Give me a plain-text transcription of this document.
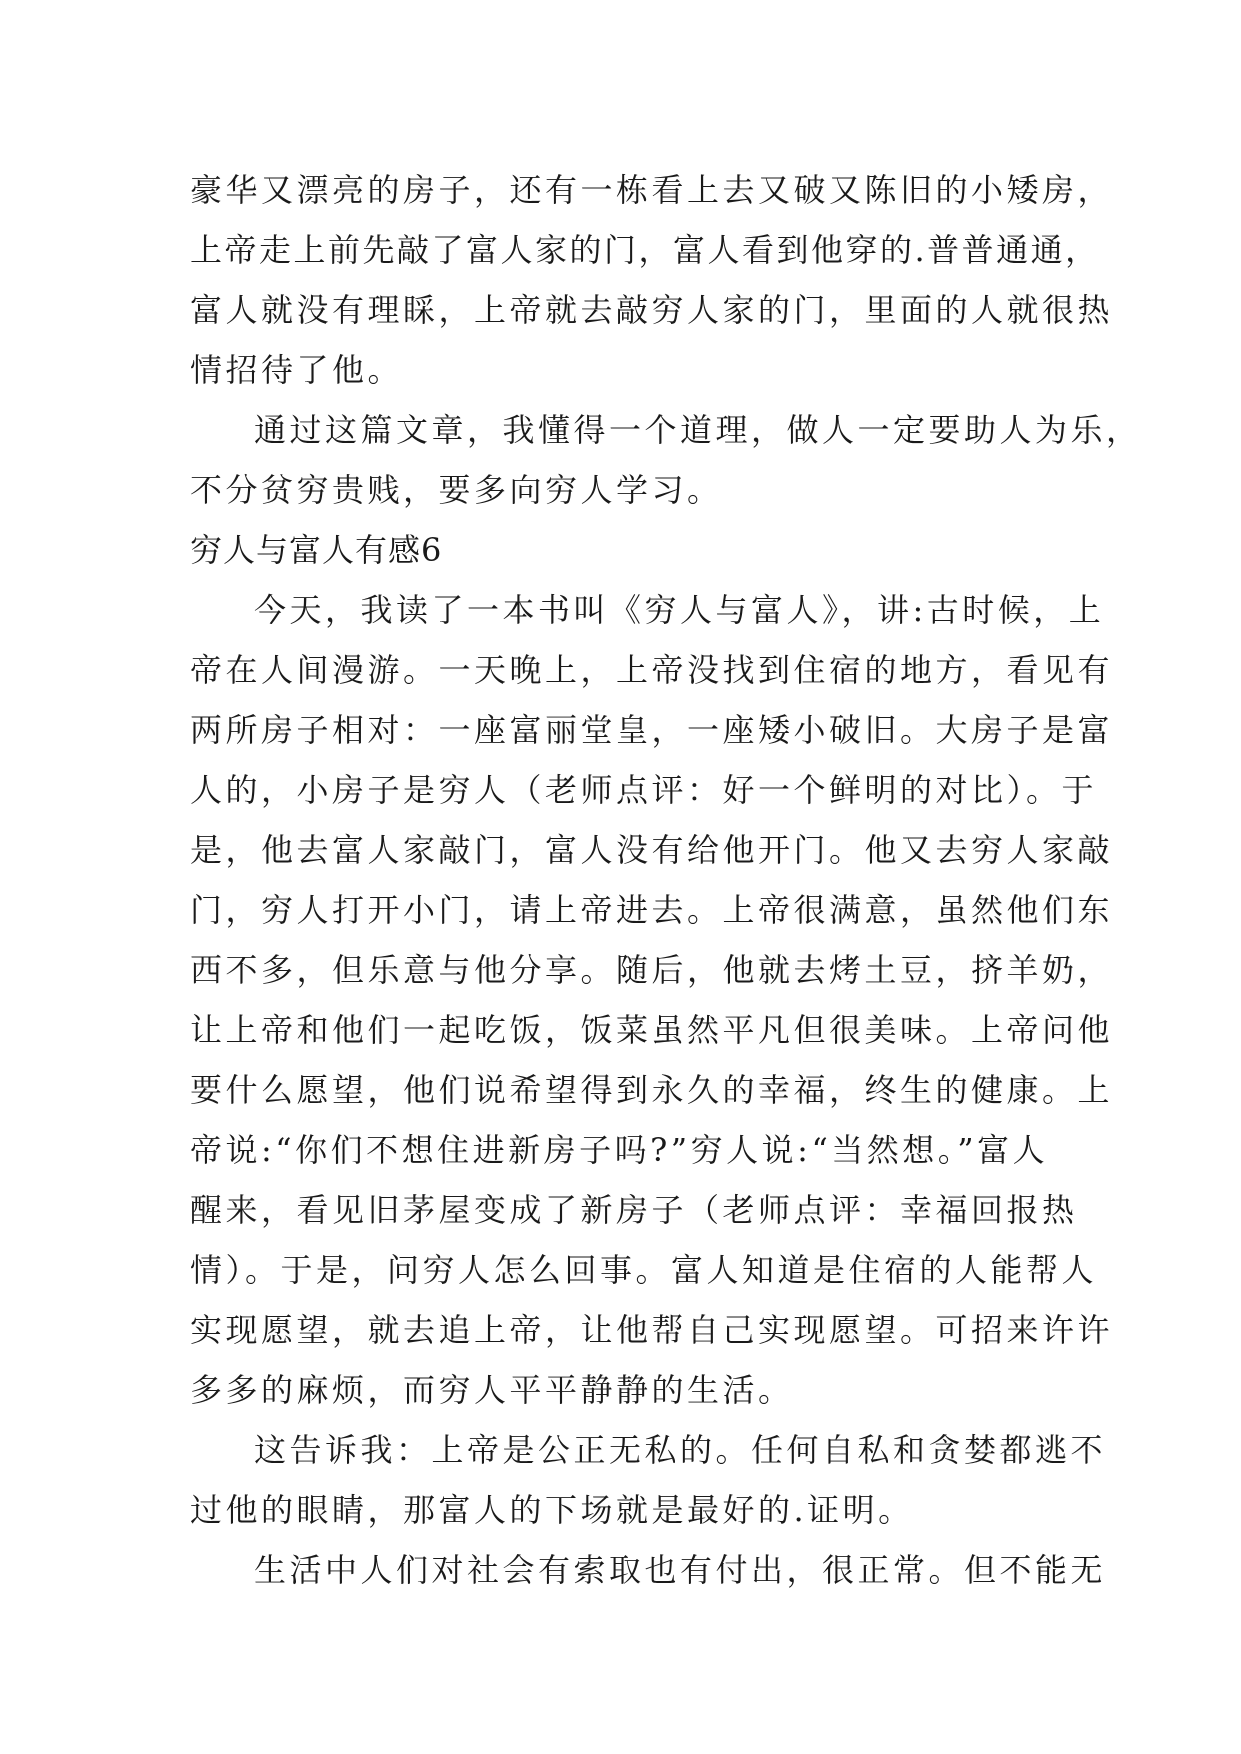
豪华又漂亮的房子，还有一栋看上去又破又陈旧的小矮房，
上帝走上前先敲了富人家的门，富人看到他穿的.普普通通，
富人就没有理睬，上帝就去敲穷人家的门，里面的人就很热
情招待了他。
通过这篇文章，我懂得一个道理，做人一定要助人为乐，
不分贫穷贵贱，要多向穷人学习。
穷人与富人有感6
今天，我读了一本书叫《穷人与富人》，讲:古时候，上
帝在人间漫游。一天晚上，上帝没找到住宿的地方，看见有
两所房子相对：一座富丽堂皇，一座矮小破旧。大房子是富
人的，小房子是穷人（老师点评：好一个鲜明的对比）。于
是，他去富人家敲门，富人没有给他开门。他又去穷人家敲
门，穷人打开小门，请上帝进去。上帝很满意，虽然他们东
西不多，但乐意与他分享。随后，他就去烤土豆，挤羊奶，
让上帝和他们一起吃饭，饭菜虽然平凡但很美味。上帝问他
要什么愿望，他们说希望得到永久的幸福，终生的健康。上
帝说:“你们不想住进新房子吗?”穷人说:“当然想。”富人
醒来，看见旧茅屋变成了新房子（老师点评：幸福回报热
情）。于是，问穷人怎么回事。富人知道是住宿的人能帮人
实现愿望，就去追上帝，让他帮自己实现愿望。可招来许许
多多的麻烦，而穷人平平静静的生活。
这告诉我：上帝是公正无私的。任何自私和贪婪都逃不
过他的眼睛，那富人的下场就是最好的.证明。
生活中人们对社会有索取也有付出，很正常。但不能无
